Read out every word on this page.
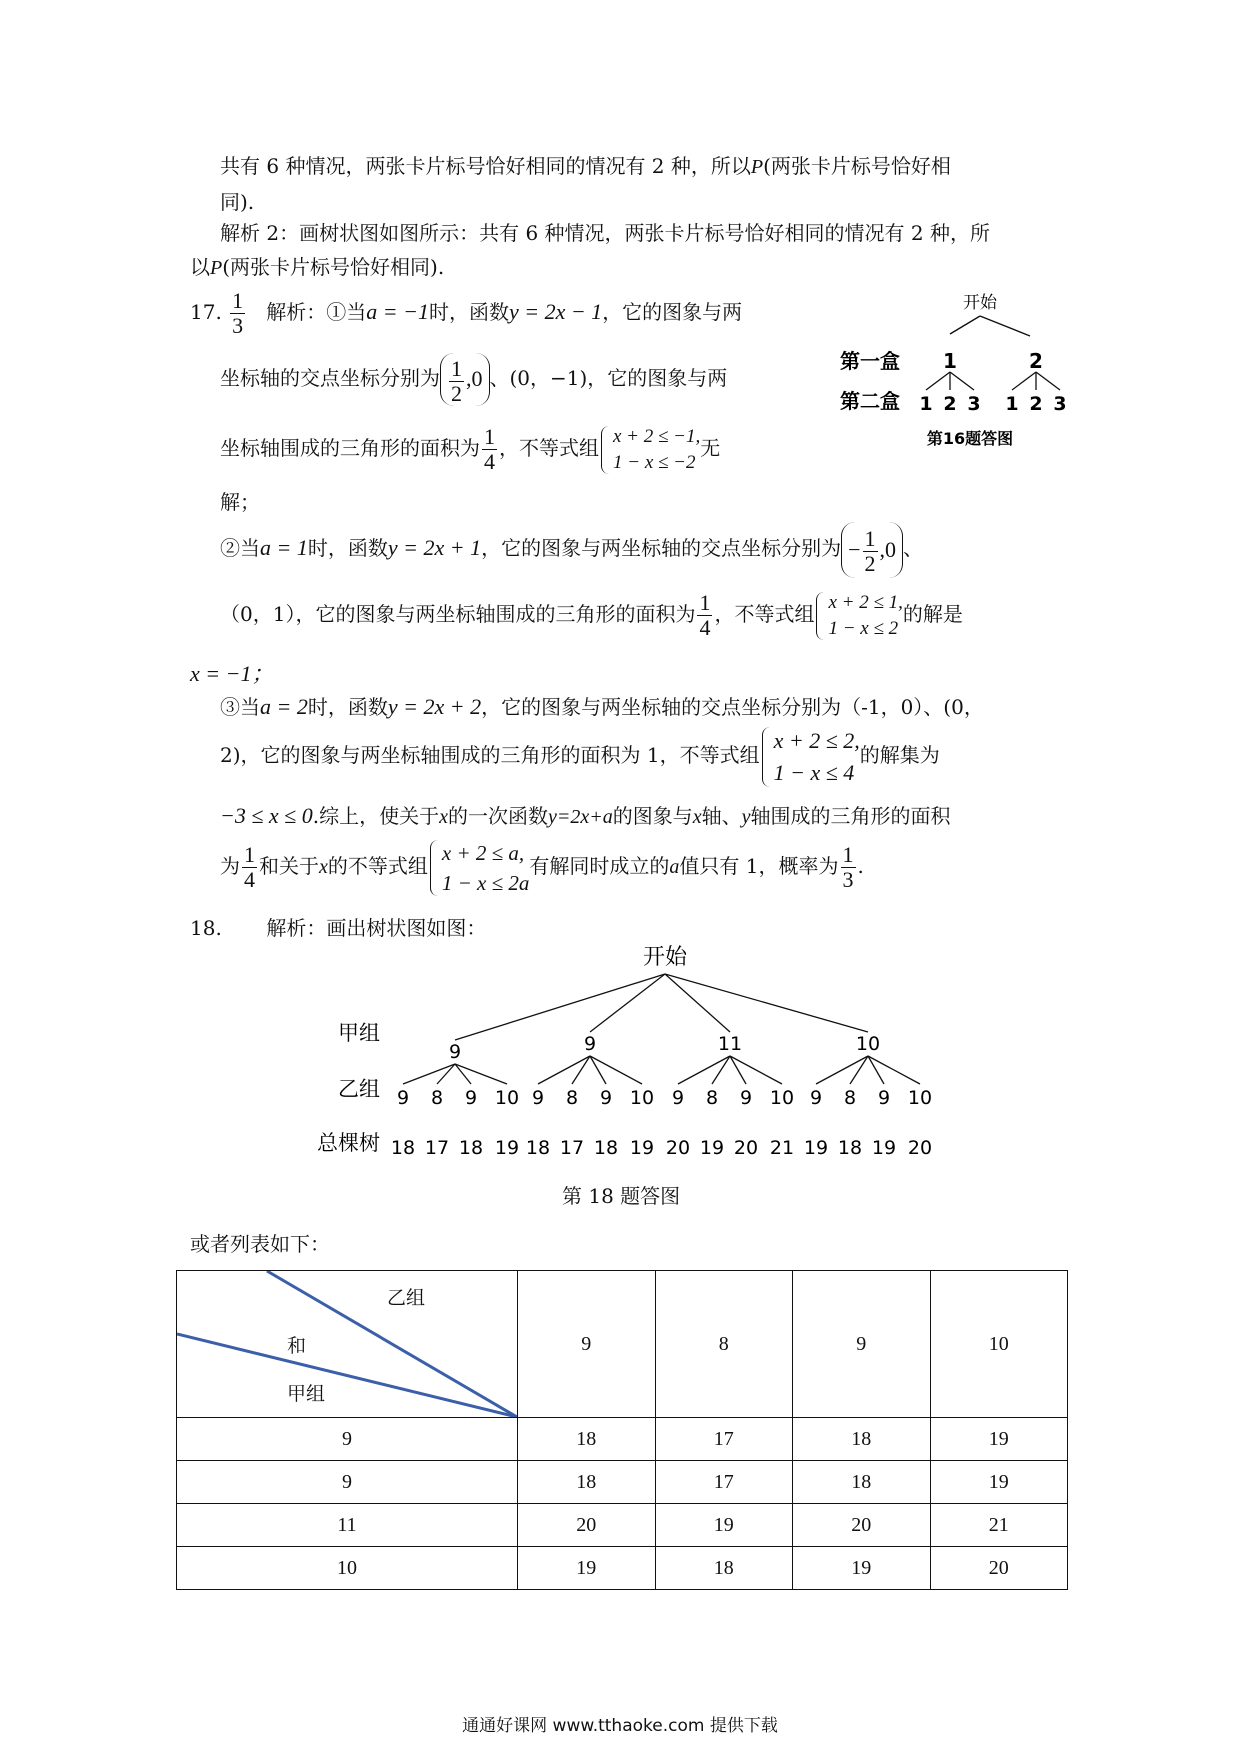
共有 6 种情况，两张卡片标号恰好相同的情况有 2 种，所以P(两张卡片标号恰好相
同).
解析 2：画树状图如图所示：共有 6 种情况，两张卡片标号恰好相同的情况有 2 种，所
以P(两张卡片标号恰好相同).
17. $\frac{1}{3}$ 解析：①当a = −1时，函数y = 2x − 1，它的图象与两
坐标轴的交点坐标分别为 $\frac{1}{2} ,0$ 、(0，−1)，它的图象与两
坐标轴围成的三角形的面积为 $\frac{1}{4}$ ，不等式组 x + 2 ≤ −1,
1 − x ≤ −2
无
解；
②当a = 1时，函数y = 2x + 1，它的图象与两坐标轴的交点坐标分别为 − $\frac{1}{2} ,0$ 、
（0，1），它的图象与两坐标轴围成的三角形的面积为 $\frac{1}{4}$ ，不等式组 x + 2 ≤ 1,
1 − x ≤ 2
的解是
x = −1；
③当a = 2时，函数y = 2x + 2，它的图象与两坐标轴的交点坐标分别为（-1，0）、(0，
2)，它的图象与两坐标轴围成的三角形的面积为 1，不等式组
x + 2 ≤ 2,
1 − x ≤ 4
的解集为
−3 ≤ x ≤ 0.综上，使关于x的一次函数y=2x+a的图象与x轴、y轴围成的三角形的面积
为 $\frac{1}{4}$ 和关于x的不等式组
x + 2 ≤ a,
1 − x ≤ 2a
有解同时成立的a值只有 1，概率为 $\frac{1}{3}$ .
开始
第一盒
第二盒
1	2
1 2 3 1 2 3
第16题答图
18. 解析：画出树状图如图：
开始
甲组
乙组
总棵树
9
9
18
8
17
9
18
10
19
9
9
18
8
17
9
18
10
19
11
9
20
8
19
9
20
10
21
10
9
19
8
18
9
19
10
20
第 18 题答图
或者列表如下：
乙组
和
甲组	9	8	9	10
9	18	17	18	19
9	18	17	18	19
11	20	19	20	21
10	19	18	19	20
通通好课网 www.tthaoke.com 提供下载
